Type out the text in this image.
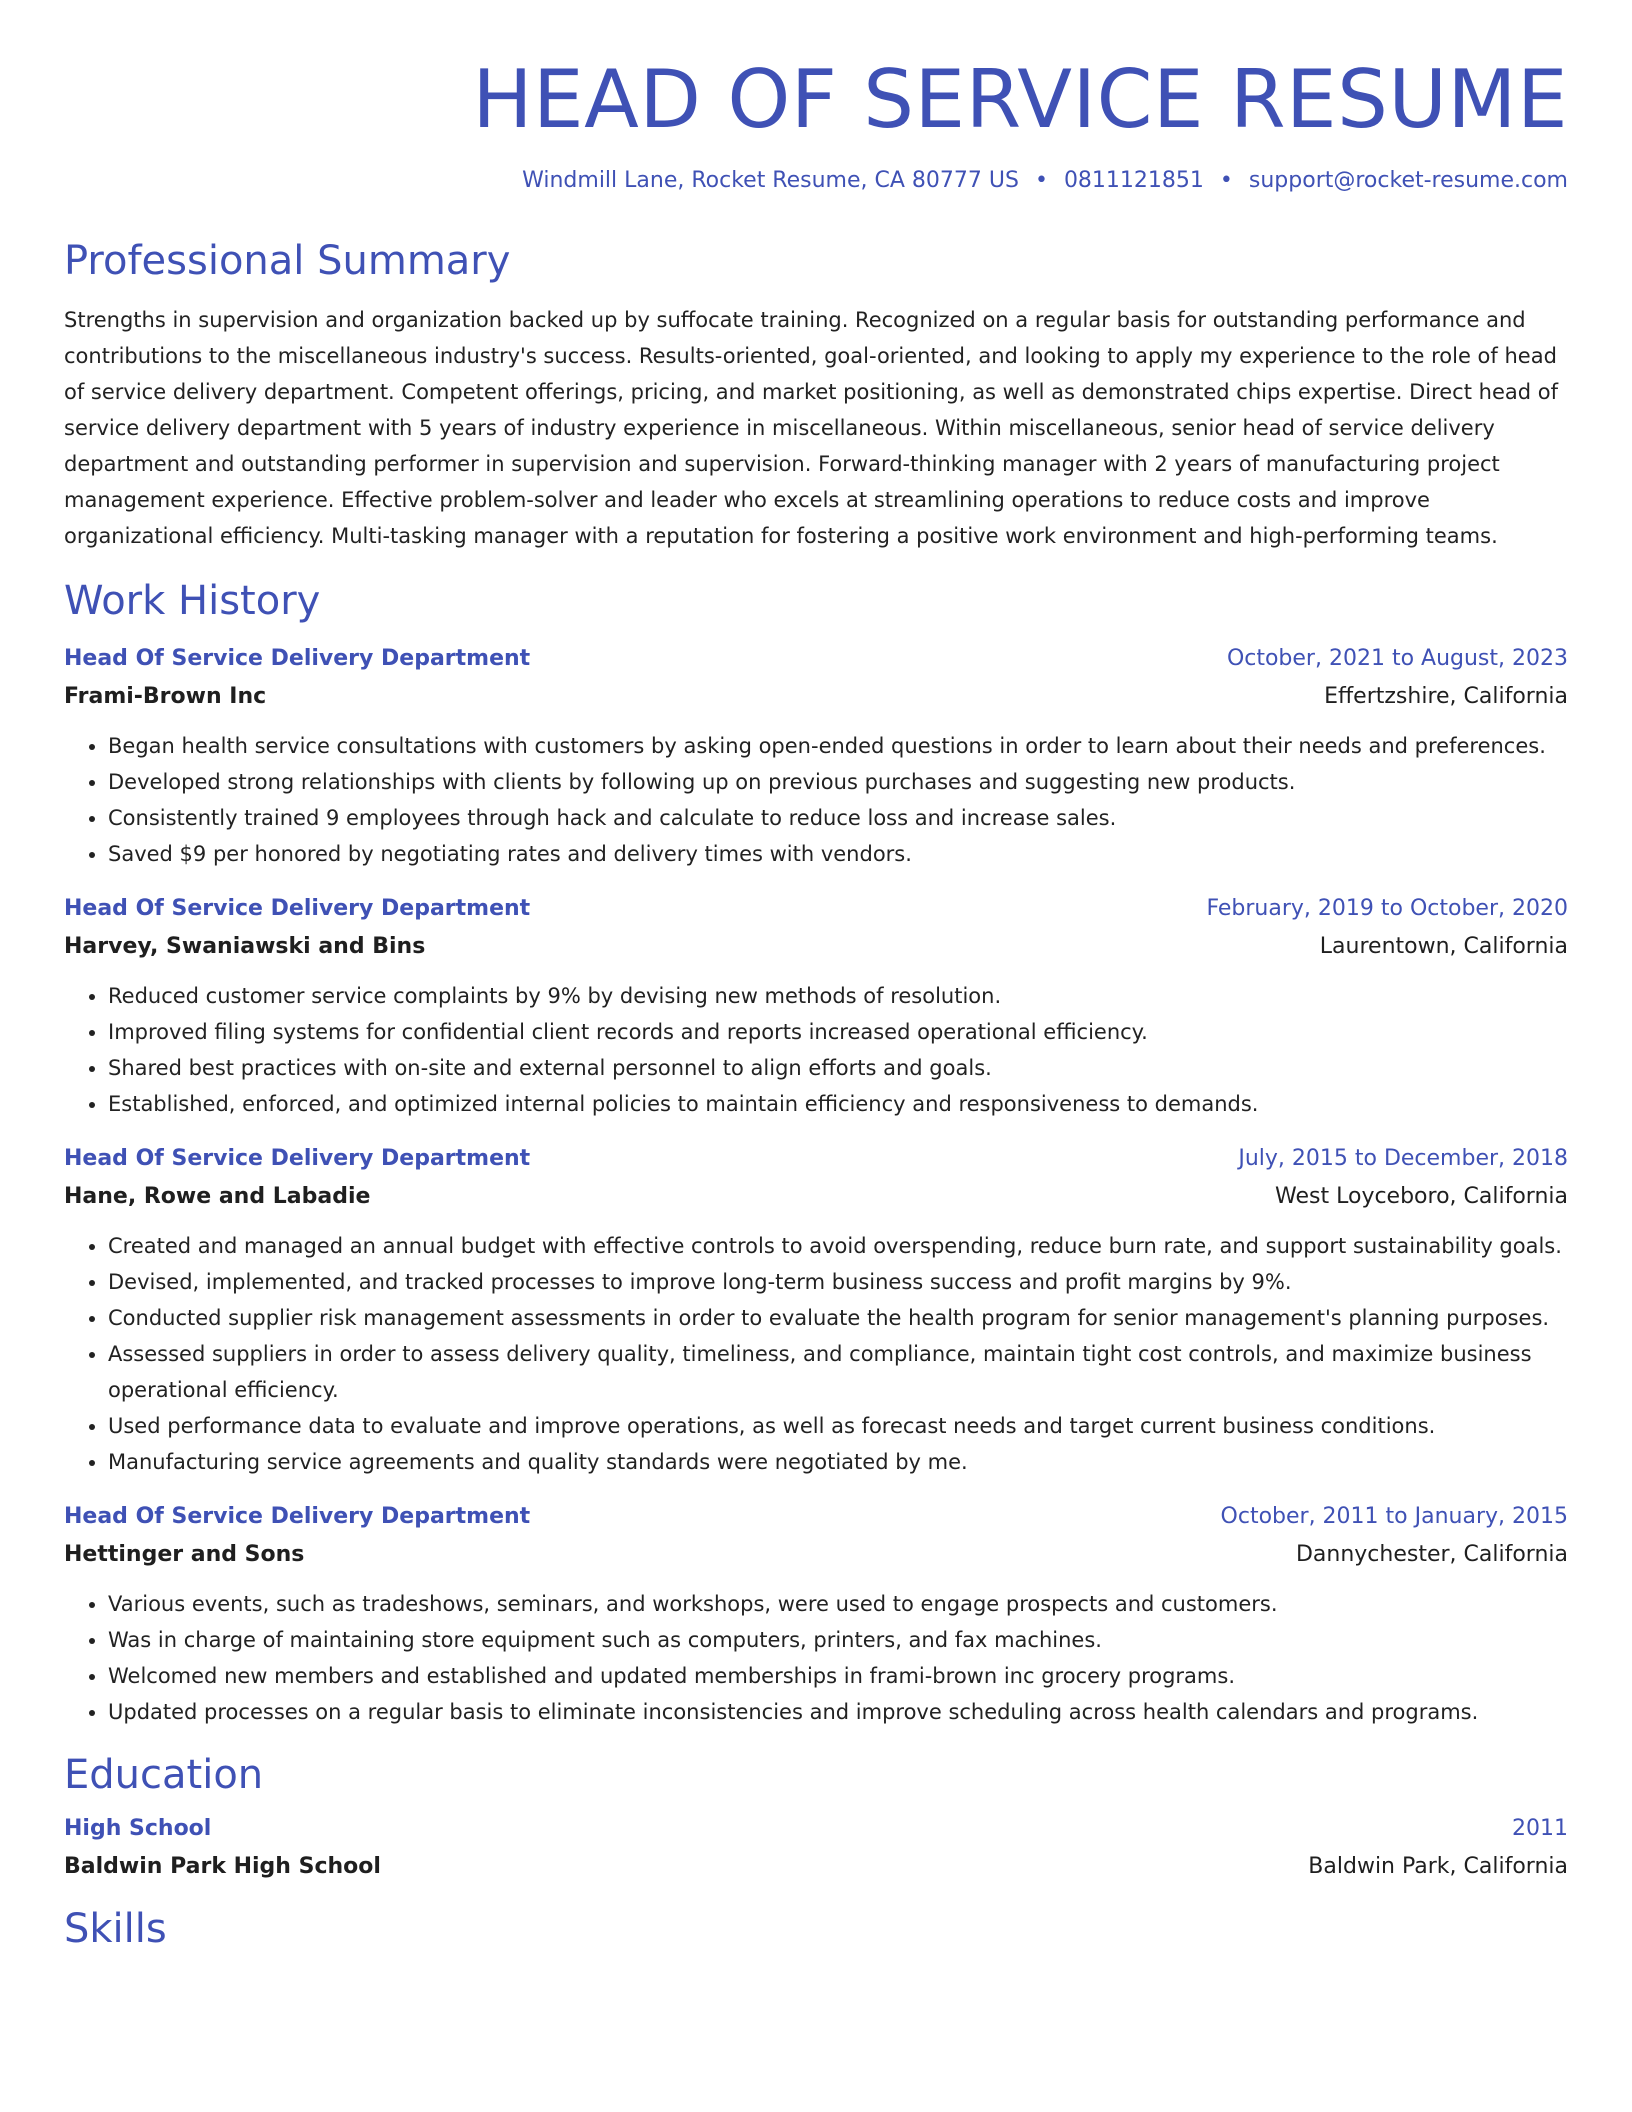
HEAD OF SERVICE RESUME
Windmill Lane, Rocket Resume, CA 80777 US • 0811121851 • support@rocket-resume.com
Professional Summary

Strengths in supervision and organization backed up by suffocate training. Recognized on a regular basis for outstanding performance and contributions to the miscellaneous industry's success. Results-oriented, goal-oriented, and looking to apply my experience to the role of head of service delivery department. Competent offerings, pricing, and market positioning, as well as demonstrated chips expertise. Direct head of service delivery department with 5 years of industry experience in miscellaneous. Within miscellaneous, senior head of service delivery department and outstanding performer in supervision and supervision. Forward-thinking manager with 2 years of manufacturing project management experience. Effective problem-solver and leader who excels at streamlining operations to reduce costs and improve organizational efficiency. Multi-tasking manager with a reputation for fostering a positive work environment and high-performing teams.

Work History
Head Of Service Delivery Department	October, 2021 to August, 2023
Frami-Brown Inc	Effertzshire, California
• Began health service consultations with customers by asking open-ended questions in order to learn about their needs and preferences.
• Developed strong relationships with clients by following up on previous purchases and suggesting new products.
• Consistently trained 9 employees through hack and calculate to reduce loss and increase sales.
• Saved $9 per honored by negotiating rates and delivery times with vendors.
Head Of Service Delivery Department	February, 2019 to October, 2020
Harvey, Swaniawski and Bins	Laurentown, California
• Reduced customer service complaints by 9% by devising new methods of resolution.
• Improved filing systems for confidential client records and reports increased operational efficiency.
• Shared best practices with on-site and external personnel to align efforts and goals.
• Established, enforced, and optimized internal policies to maintain efficiency and responsiveness to demands.
Head Of Service Delivery Department	July, 2015 to December, 2018
Hane, Rowe and Labadie	West Loyceboro, California
• Created and managed an annual budget with effective controls to avoid overspending, reduce burn rate, and support sustainability goals.
• Devised, implemented, and tracked processes to improve long-term business success and profit margins by 9%.
• Conducted supplier risk management assessments in order to evaluate the health program for senior management's planning purposes.
• Assessed suppliers in order to assess delivery quality, timeliness, and compliance, maintain tight cost controls, and maximize business operational efficiency.
• Used performance data to evaluate and improve operations, as well as forecast needs and target current business conditions.
• Manufacturing service agreements and quality standards were negotiated by me.
Head Of Service Delivery Department	October, 2011 to January, 2015
Hettinger and Sons	Dannychester, California
• Various events, such as tradeshows, seminars, and workshops, were used to engage prospects and customers.
• Was in charge of maintaining store equipment such as computers, printers, and fax machines.
• Welcomed new members and established and updated memberships in frami-brown inc grocery programs.
• Updated processes on a regular basis to eliminate inconsistencies and improve scheduling across health calendars and programs.
Education
High School	2011
Baldwin Park High School	Baldwin Park, California
Skills
